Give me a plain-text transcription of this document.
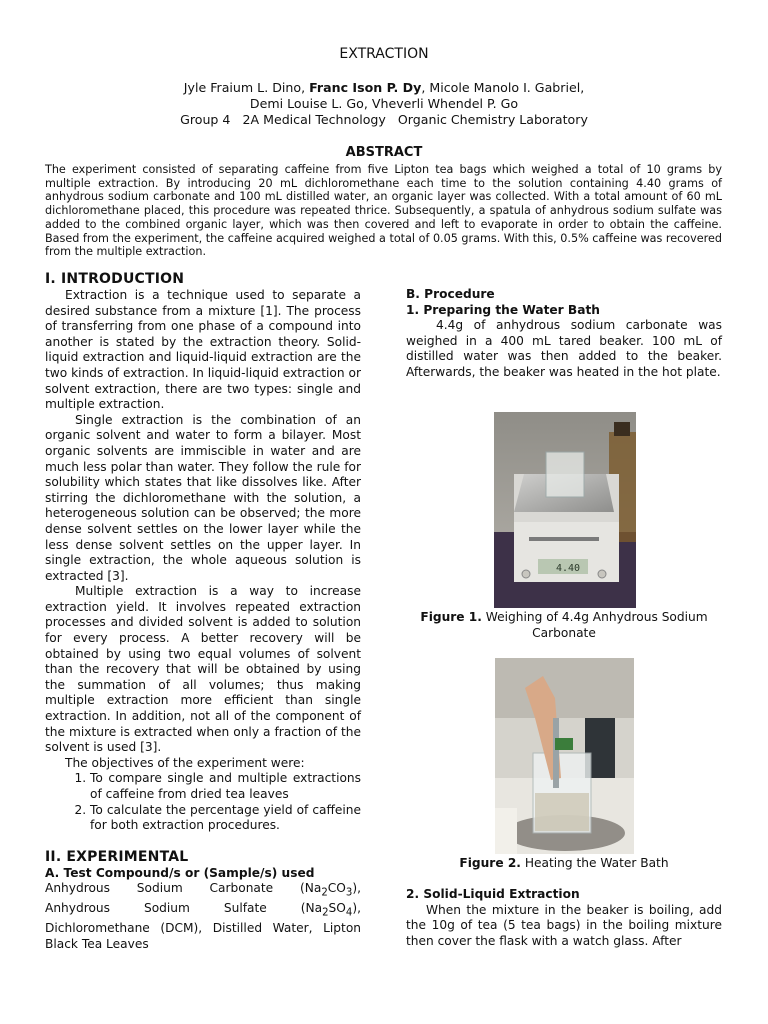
EXTRACTION
Jyle Fraium L. Dino, Franc Ison P. Dy, Micole Manolo I. Gabriel,
Demi Louise L. Go, Vheverli Whendel P. Go
Group 4   2A Medical Technology   Organic Chemistry Laboratory
ABSTRACT
The experiment consisted of separating caffeine from five Lipton tea bags which weighed a total of 10 grams by multiple extraction. By introducing 20 mL dichloromethane each time to the solution containing 4.40 grams of anhydrous sodium carbonate and 100 mL distilled water, an organic layer was collected. With a total amount of 60 mL dichloromethane placed, this procedure was repeated thrice. Subsequently, a spatula of anhydrous sodium sulfate was added to the combined organic layer, which was then covered and left to evaporate in order to obtain the caffeine. Based from the experiment, the caffeine acquired weighed a total of 0.05 grams. With this, 0.5% caffeine was recovered from the multiple extraction.
I. INTRODUCTION

Extraction is a technique used to separate a desired substance from a mixture [1]. The process of transferring from one phase of a compound into another is stated by the extraction theory. Solid-liquid extraction and liquid-liquid extraction are the two kinds of extraction. In liquid-liquid extraction or solvent extraction, there are two types: single and multiple extraction.

Single extraction is the combination of an organic solvent and water to form a bilayer. Most organic solvents are immiscible in water and are much less polar than water. They follow the rule for solubility which states that like dissolves like. After stirring the dichloromethane with the solution, a heterogeneous solution can be observed; the more dense solvent settles on the lower layer while the less dense solvent settles on the upper layer. In single extraction, the whole aqueous solution is extracted [3].

Multiple extraction is a way to increase extraction yield. It involves repeated extraction processes and divided solvent is added to solution for every process. A better recovery will be obtained by using two equal volumes of solvent than the recovery that will be obtained by using the summation of all volumes; thus making multiple extraction more efficient than single extraction. In addition, not all of the component of the mixture is extracted when only a fraction of the solvent is used [3].

The objectives of the experiment were:

1. To compare single and multiple extractions of caffeine from dried tea leaves
2. To calculate the percentage yield of caffeine for both extraction procedures.
II. EXPERIMENTAL
A. Test Compound/s or (Sample/s) used

Anhydrous Sodium Carbonate $(Na_2CO_3)$, Anhydrous Sodium Sulfate $(Na_2SO_4)$, Dichloromethane (DCM), Distilled Water, Lipton Black Tea Leaves

B. Procedure
1. Preparing the Water Bath

4.4g of anhydrous sodium carbonate was weighed in a 400 mL tared beaker. 100 mL of distilled water was then added to the beaker. Afterwards, the beaker was heated in the hot plate.

4.40
Figure 1. Weighing of 4.4g Anhydrous Sodium Carbonate
Figure 2. Heating the Water Bath
2. Solid-Liquid Extraction

When the mixture in the beaker is boiling, add the 10g of tea (5 tea bags) in the boiling mixture then cover the flask with a watch glass. After
